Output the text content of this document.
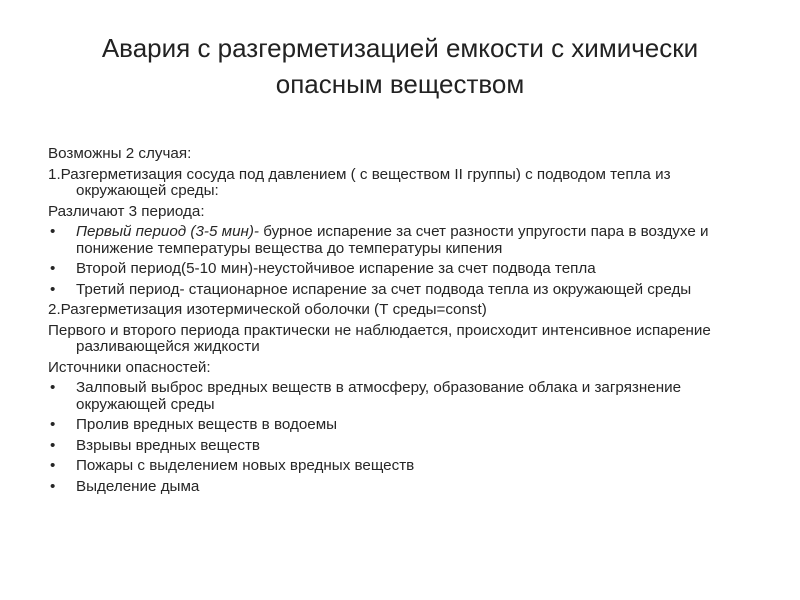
Авария с разгерметизацией емкости с химически
опасным веществом

Возможны 2 случая:

1.Разгерметизация сосуда под давлением ( с веществом II группы) с подводом тепла из окружающей среды:

Различают 3 периода:

• Первый период (3-5 мин)- бурное испарение за счет разности упругости пара в воздухе и понижение температуры вещества до температуры кипения
• Второй период(5-10 мин)-неустойчивое испарение за счет подвода тепла
• Третий период- стационарное испарение за счет подвода тепла из окружающей среды

2.Разгерметизация изотермической оболочки (Т среды=const)

Первого и второго периода практически не наблюдается, происходит интенсивное испарение разливающейся жидкости

Источники опасностей:

• Залповый выброс вредных веществ в атмосферу, образование облака и загрязнение окружающей среды
• Пролив вредных веществ в водоемы
• Взрывы вредных веществ
• Пожары с выделением новых вредных веществ
• Выделение дыма
